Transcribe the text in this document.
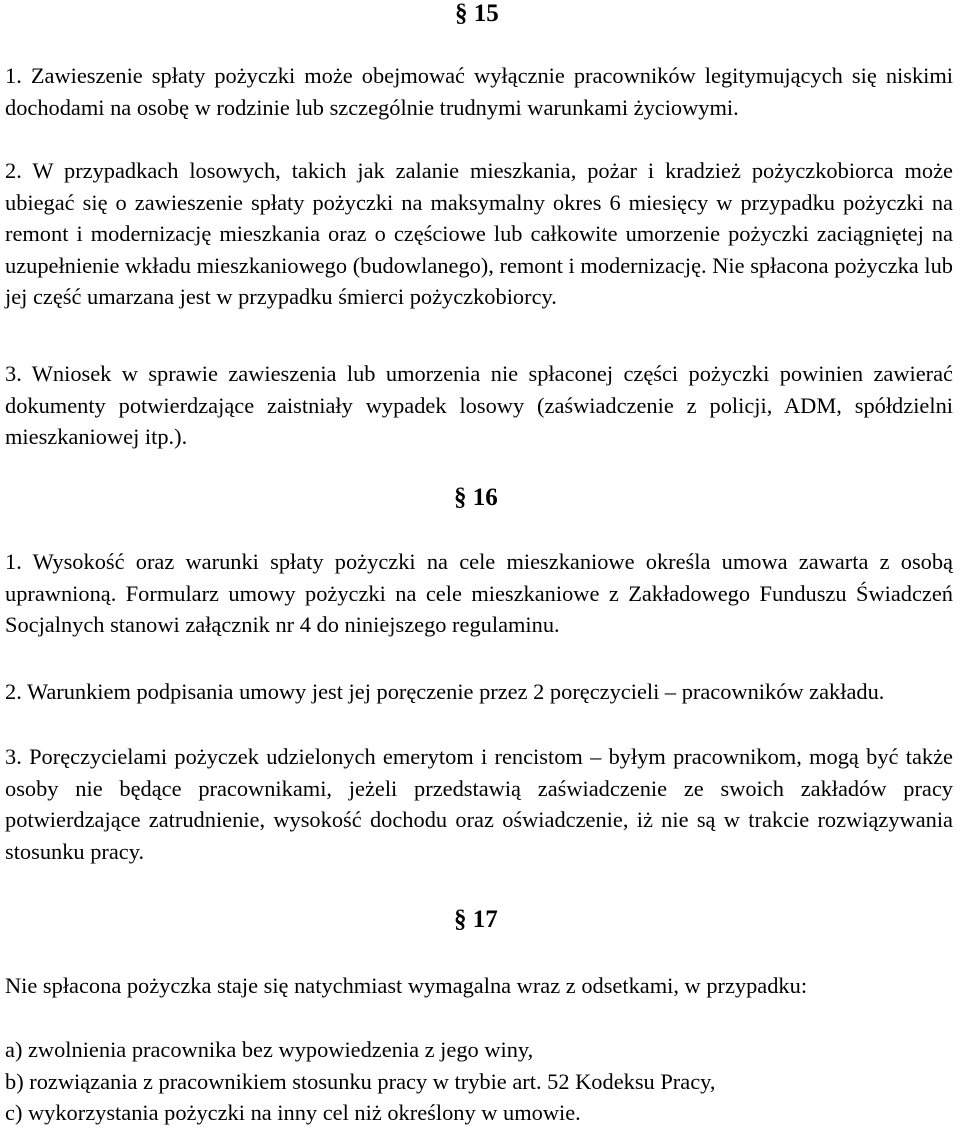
§ 15

1. Zawieszenie spłaty pożyczki może obejmować wyłącznie pracowników legitymujących się niskimi dochodami na osobę w rodzinie lub szczególnie trudnymi warunkami życiowymi.

2. W przypadkach losowych, takich jak zalanie mieszkania, pożar i kradzież pożyczkobiorca może ubiegać się o zawieszenie spłaty pożyczki na maksymalny okres 6 miesięcy w przypadku pożyczki na remont i modernizację mieszkania oraz o częściowe lub całkowite umorzenie pożyczki zaciągniętej na uzupełnienie wkładu mieszkaniowego (budowlanego), remont i modernizację. Nie spłacona pożyczka lub jej część umarzana jest w przypadku śmierci pożyczkobiorcy.

3. Wniosek w sprawie zawieszenia lub umorzenia nie spłaconej części pożyczki powinien zawierać dokumenty potwierdzające zaistniały wypadek losowy (zaświadczenie z policji, ADM, spółdzielni mieszkaniowej itp.).

§ 16

1. Wysokość oraz warunki spłaty pożyczki na cele mieszkaniowe określa umowa zawarta z osobą uprawnioną. Formularz umowy pożyczki na cele mieszkaniowe z Zakładowego Funduszu Świadczeń Socjalnych stanowi załącznik nr 4 do niniejszego regulaminu.

2. Warunkiem podpisania umowy jest jej poręczenie przez 2 poręczycieli – pracowników zakładu.

3. Poręczycielami pożyczek udzielonych emerytom i rencistom – byłym pracownikom, mogą być także osoby nie będące pracownikami, jeżeli przedstawią zaświadczenie ze swoich zakładów pracy potwierdzające zatrudnienie, wysokość dochodu oraz oświadczenie, iż nie są w trakcie rozwiązywania stosunku pracy.

§ 17

Nie spłacona pożyczka staje się natychmiast wymagalna wraz z odsetkami, w przypadku:

a) zwolnienia pracownika bez wypowiedzenia z jego winy,
b) rozwiązania z pracownikiem stosunku pracy w trybie art. 52 Kodeksu Pracy,
c) wykorzystania pożyczki na inny cel niż określony w umowie.
